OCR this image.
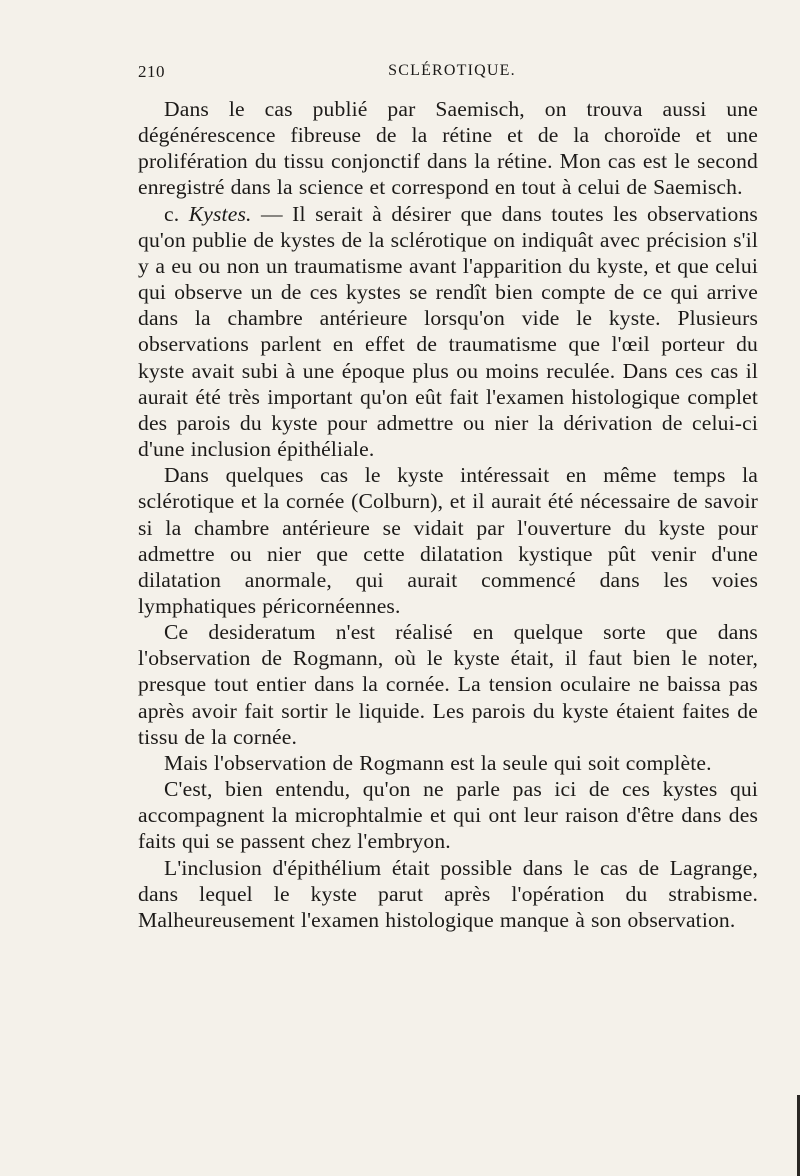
210	SCLÉROTIQUE.

Dans le cas publié par Saemisch, on trouva aussi une dégénérescence fibreuse de la rétine et de la choroïde et une prolifération du tissu conjonctif dans la rétine. Mon cas est le second enregistré dans la science et correspond en tout à celui de Saemisch.

c. Kystes. — Il serait à désirer que dans toutes les observations qu'on publie de kystes de la sclérotique on indiquât avec précision s'il y a eu ou non un traumatisme avant l'apparition du kyste, et que celui qui observe un de ces kystes se rendît bien compte de ce qui arrive dans la chambre antérieure lorsqu'on vide le kyste. Plusieurs observations parlent en effet de traumatisme que l'œil porteur du kyste avait subi à une époque plus ou moins reculée. Dans ces cas il aurait été très important qu'on eût fait l'examen histologique complet des parois du kyste pour admettre ou nier la dérivation de celui-ci d'une inclusion épithéliale.

Dans quelques cas le kyste intéressait en même temps la sclérotique et la cornée (Colburn), et il aurait été nécessaire de savoir si la chambre antérieure se vidait par l'ouverture du kyste pour admettre ou nier que cette dilatation kystique pût venir d'une dilatation anormale, qui aurait commencé dans les voies lymphatiques péricornéennes.

Ce desideratum n'est réalisé en quelque sorte que dans l'observation de Rogmann, où le kyste était, il faut bien le noter, presque tout entier dans la cornée. La tension oculaire ne baissa pas après avoir fait sortir le liquide. Les parois du kyste étaient faites de tissu de la cornée.

Mais l'observation de Rogmann est la seule qui soit complète.

C'est, bien entendu, qu'on ne parle pas ici de ces kystes qui accompagnent la microphtalmie et qui ont leur raison d'être dans des faits qui se passent chez l'embryon.

L'inclusion d'épithélium était possible dans le cas de Lagrange, dans lequel le kyste parut après l'opération du strabisme. Malheureusement l'examen histologique manque à son observation.
